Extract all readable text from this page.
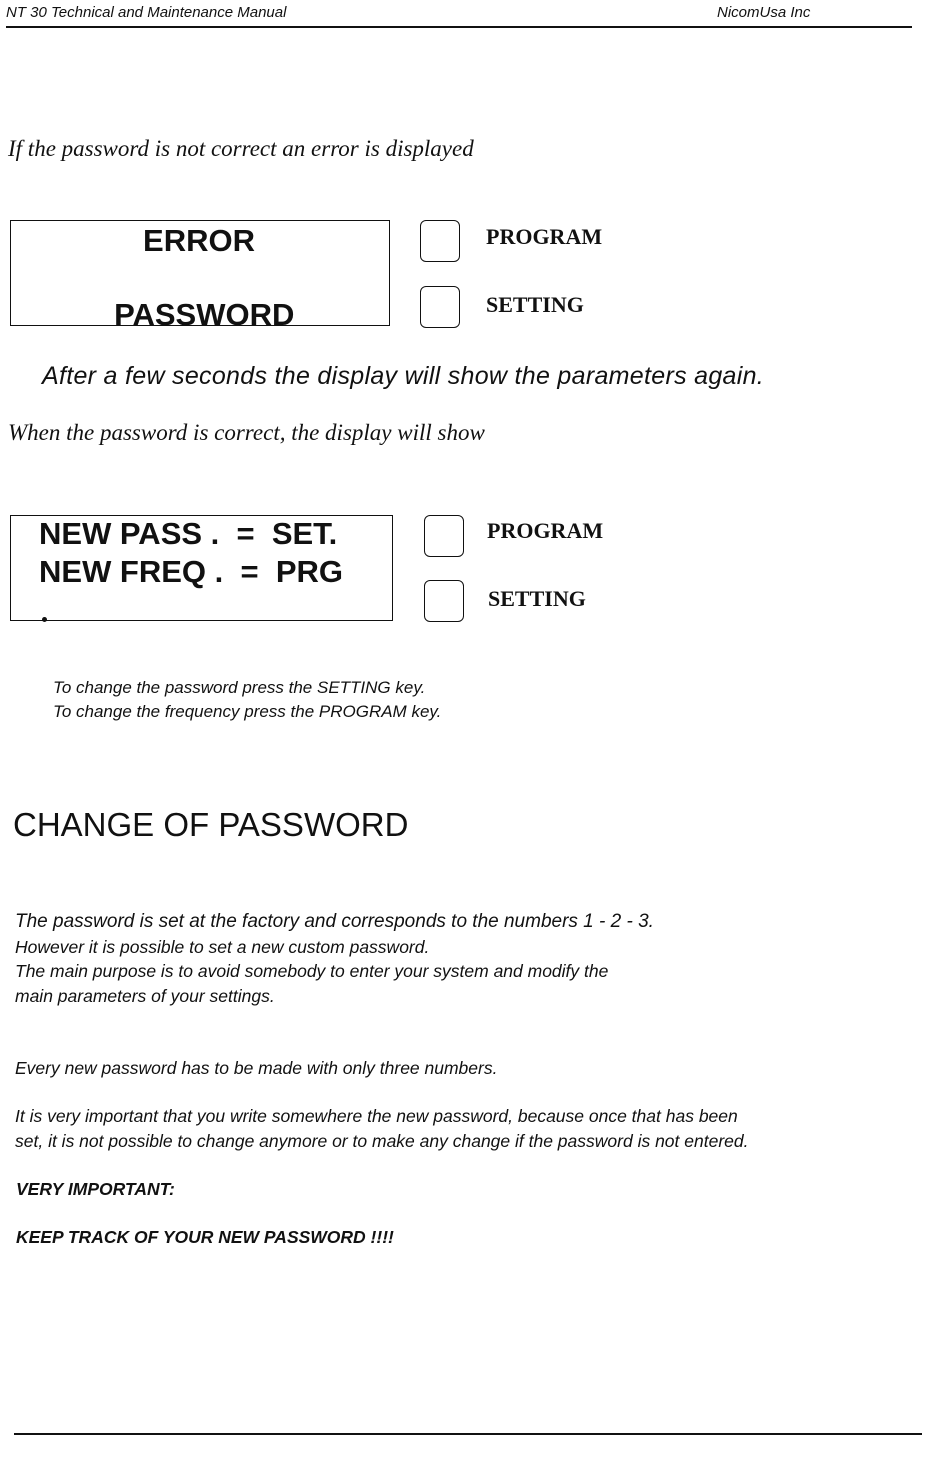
NT 30 Technical and Maintenance Manual	NicomUsa Inc
If the password is not correct an error is displayed
ERROR

PASSWORD

PROGRAM
SETTING
After a few seconds the display will show the parameters again.
When the password is correct, the display will show
NEW PASS .  =  SET.
NEW FREQ .  =  PRG
PROGRAM
SETTING
To change the password press the SETTING key.
To change the frequency press the PROGRAM key.
CHANGE OF PASSWORD
The password is set at the factory and corresponds to the numbers 1 - 2 - 3.
However it is possible to set a new custom password.
The main purpose is to avoid somebody to enter your system and modify the
main parameters of your settings.
Every new password has to be made with only three numbers.
It is very important that you write somewhere the new password, because once that has been
set, it is not possible to change anymore or to make any change if the password is not entered.
VERY IMPORTANT:
KEEP TRACK OF YOUR NEW PASSWORD !!!!
